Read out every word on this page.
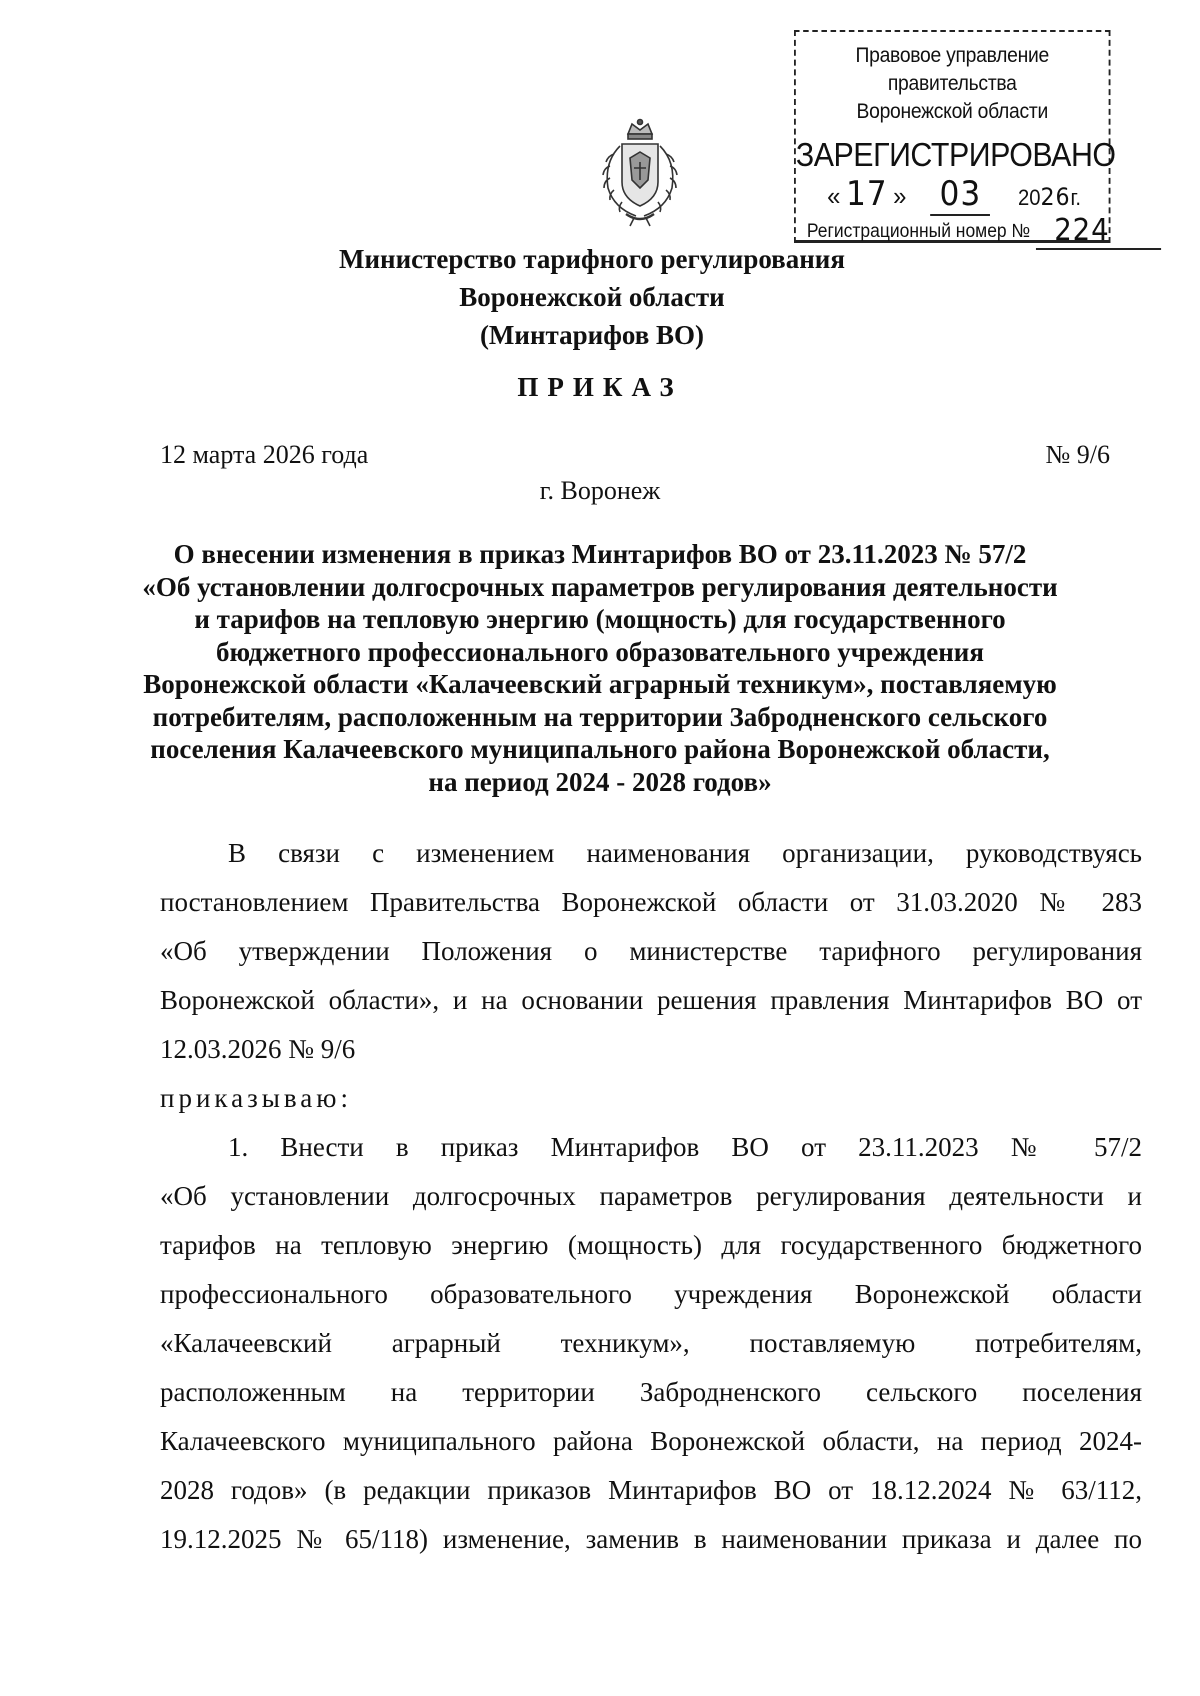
Правовое управление правительства
Воронежской области
ЗАРЕГИСТРИРОВАНО
« 17 » 03 2026г.
Регистрационный номер № 224
Министерство тарифного регулирования
Воронежской области
(Минтарифов ВО)
ПРИКАЗ
12 марта 2026 года	№ 9/6
г. Воронеж
О внесении изменения в приказ Минтарифов ВО от 23.11.2023 № 57/2
«Об установлении долгосрочных параметров регулирования деятельности
и тарифов на тепловую энергию (мощность) для государственного
бюджетного профессионального образовательного учреждения
Воронежской области «Калачеевский аграрный техникум», поставляемую
потребителям, расположенным на территории Забродненского сельского
поселения Калачеевского муниципального района Воронежской области,
на период 2024 - 2028 годов»
В связи с изменением наименования организации, руководствуясь
постановлением Правительства Воронежской области от 31.03.2020 № 283
«Об утверждении Положения о министерстве тарифного регулирования
Воронежской области», и на основании решения правления Минтарифов ВО от
12.03.2026 № 9/6
приказываю:
1. Внести в приказ Минтарифов ВО от 23.11.2023 № 57/2
«Об установлении долгосрочных параметров регулирования деятельности и
тарифов на тепловую энергию (мощность) для государственного бюджетного
профессионального образовательного учреждения Воронежской области
«Калачеевский аграрный техникум», поставляемую потребителям,
расположенным на территории Забродненского сельского поселения
Калачеевского муниципального района Воронежской области, на период 2024-
2028 годов» (в редакции приказов Минтарифов ВО от 18.12.2024 № 63/112,
19.12.2025 № 65/118) изменение, заменив в наименовании приказа и далее по
